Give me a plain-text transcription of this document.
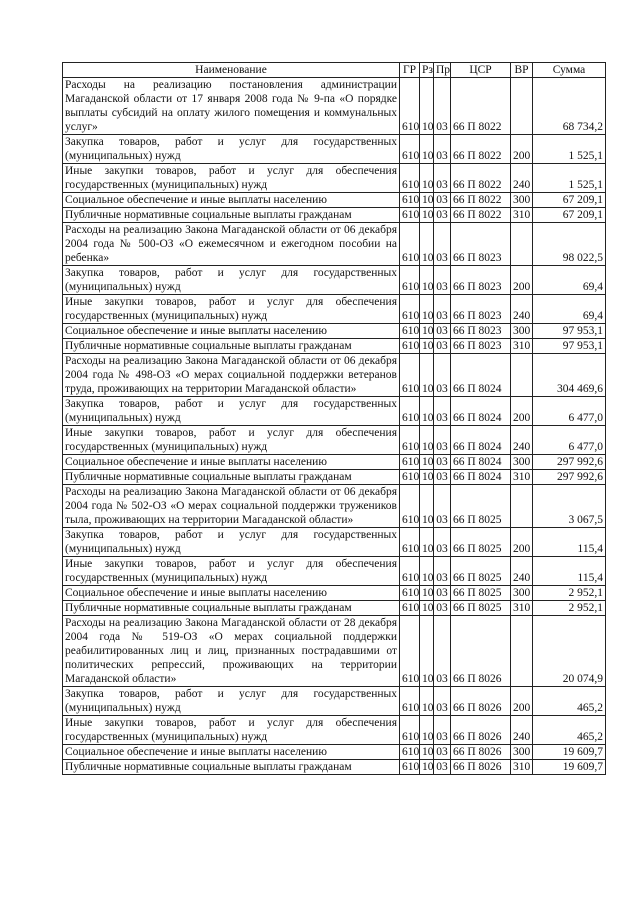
Наименование	ГР	Рз	Пр	ЦСР	ВР	Сумма
Расходы на реализацию постановления администрации Магаданской области от 17 января 2008 года № 9-па «О порядке выплаты субсидий на оплату жилого помещения и коммунальных услуг»	610	10	03	66 П 8022		68 734,2
Закупка товаров, работ и услуг для государственных (муниципальных) нужд	610	10	03	66 П 8022	200	1 525,1
Иные закупки товаров, работ и услуг для обеспечения государственных (муниципальных) нужд	610	10	03	66 П 8022	240	1 525,1
Социальное обеспечение и иные выплаты населению	610	10	03	66 П 8022	300	67 209,1
Публичные нормативные социальные выплаты гражданам	610	10	03	66 П 8022	310	67 209,1
Расходы на реализацию Закона Магаданской области от 06 декабря 2004 года № 500-ОЗ «О ежемесячном и ежегодном пособии на ребенка»	610	10	03	66 П 8023		98 022,5
Закупка товаров, работ и услуг для государственных (муниципальных) нужд	610	10	03	66 П 8023	200	69,4
Иные закупки товаров, работ и услуг для обеспечения государственных (муниципальных) нужд	610	10	03	66 П 8023	240	69,4
Социальное обеспечение и иные выплаты населению	610	10	03	66 П 8023	300	97 953,1
Публичные нормативные социальные выплаты гражданам	610	10	03	66 П 8023	310	97 953,1
Расходы на реализацию Закона Магаданской области от 06 декабря 2004 года № 498-ОЗ «О мерах социальной поддержки ветеранов труда, проживающих на территории Магаданской области»	610	10	03	66 П 8024		304 469,6
Закупка товаров, работ и услуг для государственных (муниципальных) нужд	610	10	03	66 П 8024	200	6 477,0
Иные закупки товаров, работ и услуг для обеспечения государственных (муниципальных) нужд	610	10	03	66 П 8024	240	6 477,0
Социальное обеспечение и иные выплаты населению	610	10	03	66 П 8024	300	297 992,6
Публичные нормативные социальные выплаты гражданам	610	10	03	66 П 8024	310	297 992,6
Расходы на реализацию Закона Магаданской области от 06 декабря 2004 года № 502-ОЗ «О мерах социальной поддержки тружеников тыла, проживающих на территории Магаданской области»	610	10	03	66 П 8025		3 067,5
Закупка товаров, работ и услуг для государственных (муниципальных) нужд	610	10	03	66 П 8025	200	115,4
Иные закупки товаров, работ и услуг для обеспечения государственных (муниципальных) нужд	610	10	03	66 П 8025	240	115,4
Социальное обеспечение и иные выплаты населению	610	10	03	66 П 8025	300	2 952,1
Публичные нормативные социальные выплаты гражданам	610	10	03	66 П 8025	310	2 952,1
Расходы на реализацию Закона Магаданской области от 28 декабря 2004 года № 519-ОЗ «О мерах социальной поддержки реабилитированных лиц и лиц, признанных пострадавшими от политических репрессий, проживающих на территории Магаданской области»	610	10	03	66 П 8026		20 074,9
Закупка товаров, работ и услуг для государственных (муниципальных) нужд	610	10	03	66 П 8026	200	465,2
Иные закупки товаров, работ и услуг для обеспечения государственных (муниципальных) нужд	610	10	03	66 П 8026	240	465,2
Социальное обеспечение и иные выплаты населению	610	10	03	66 П 8026	300	19 609,7
Публичные нормативные социальные выплаты гражданам	610	10	03	66 П 8026	310	19 609,7
